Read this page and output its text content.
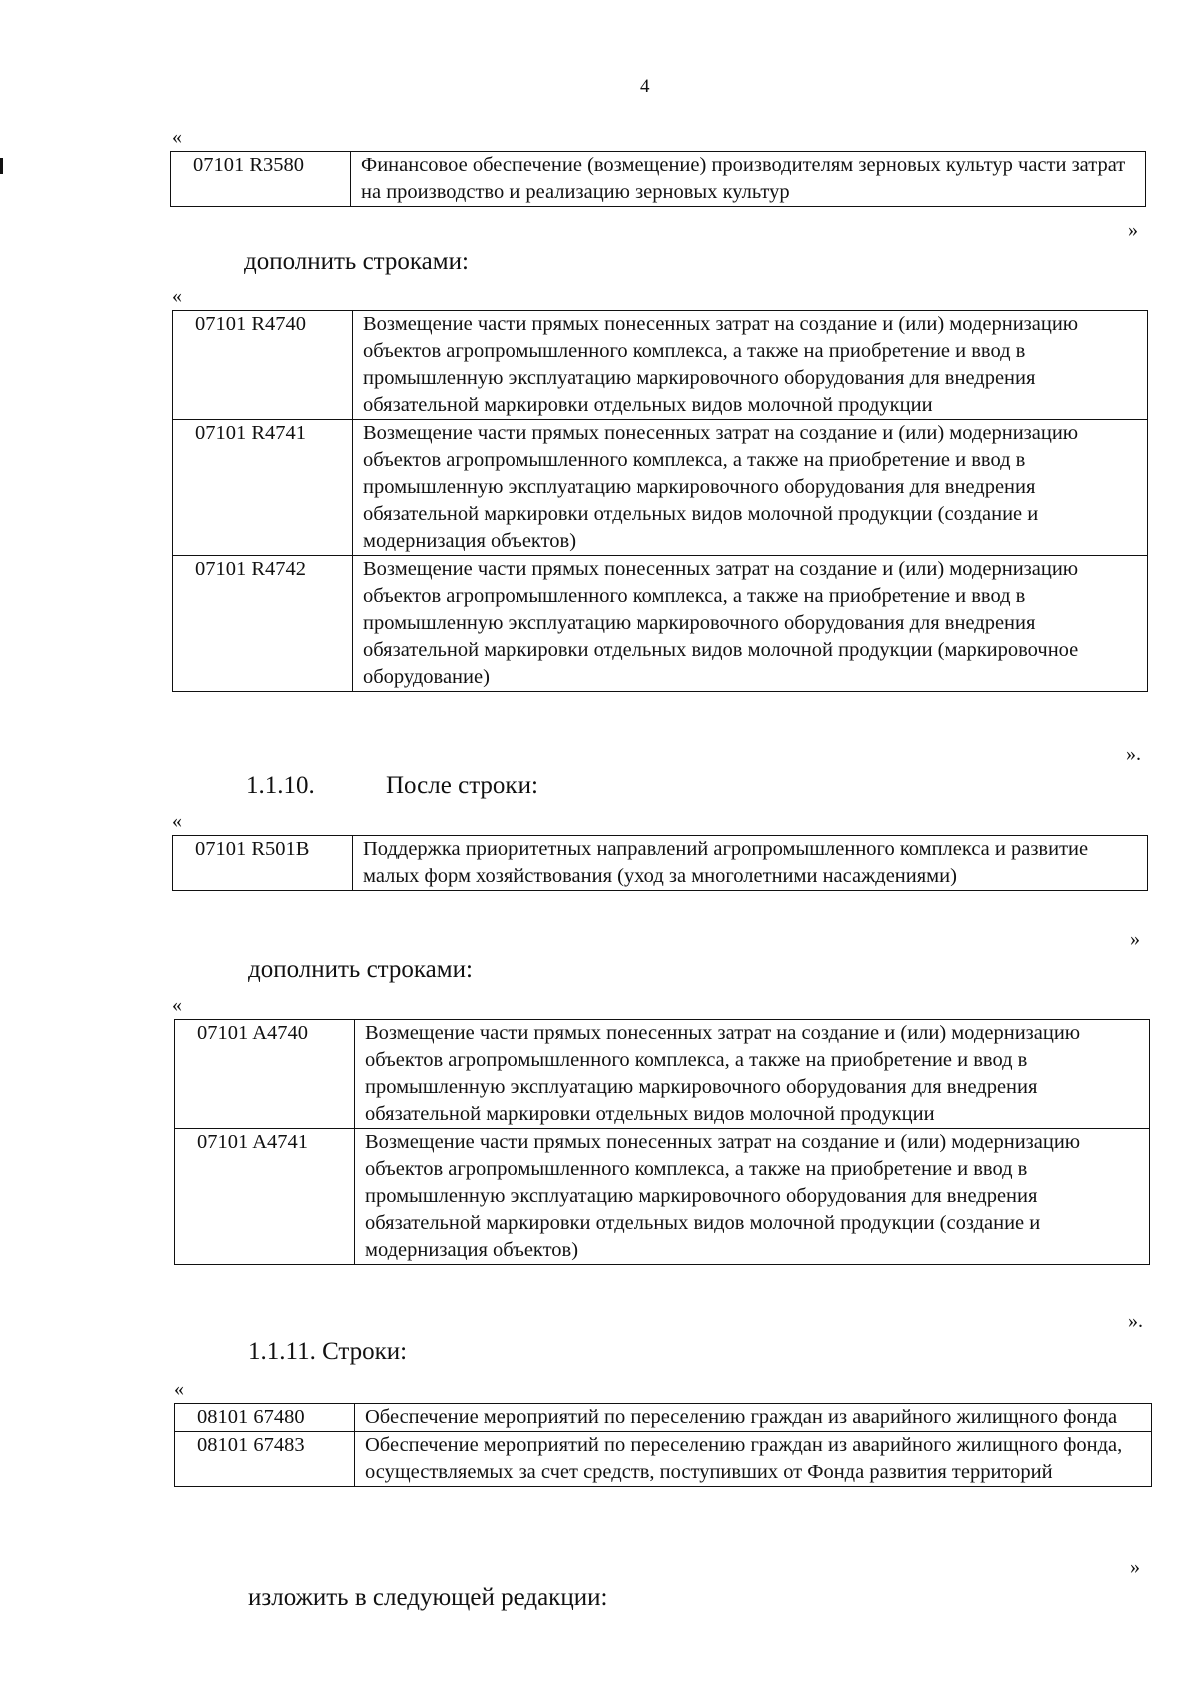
4
«
07101 R3580	Финансовое обеспечение (возмещение) производителям зерновых культур части затрат на производство и реализацию зерновых культур
»
дополнить строками:
«
07101 R4740	Возмещение части прямых понесенных затрат на создание и (или) модернизацию объектов агропромышленного комплекса, а также на приобретение и ввод в промышленную эксплуатацию маркировочного оборудования для внедрения обязательной маркировки отдельных видов молочной продукции
07101 R4741	Возмещение части прямых понесенных затрат на создание и (или) модернизацию объектов агропромышленного комплекса, а также на приобретение и ввод в промышленную эксплуатацию маркировочного оборудования для внедрения обязательной маркировки отдельных видов молочной продукции (создание и модернизация объектов)
07101 R4742	Возмещение части прямых понесенных затрат на создание и (или) модернизацию объектов агропромышленного комплекса, а также на приобретение и ввод в промышленную эксплуатацию маркировочного оборудования для внедрения обязательной маркировки отдельных видов молочной продукции (маркировочное оборудование)
».
1.1.10.	После строки:
«
07101 R501B	Поддержка приоритетных направлений агропромышленного комплекса и развитие малых форм хозяйствования (уход за многолетними насаждениями)
»
дополнить строками:
«
07101 A4740	Возмещение части прямых понесенных затрат на создание и (или) модернизацию объектов агропромышленного комплекса, а также на приобретение и ввод в промышленную эксплуатацию маркировочного оборудования для внедрения обязательной маркировки отдельных видов молочной продукции
07101 A4741	Возмещение части прямых понесенных затрат на создание и (или) модернизацию объектов агропромышленного комплекса, а также на приобретение и ввод в промышленную эксплуатацию маркировочного оборудования для внедрения обязательной маркировки отдельных видов молочной продукции (создание и модернизация объектов)
».
1.1.11. Строки:
«
08101 67480	Обеспечение мероприятий по переселению граждан из аварийного жилищного фонда
08101 67483	Обеспечение мероприятий по переселению граждан из аварийного жилищного фонда, осуществляемых за счет средств, поступивших от Фонда развития территорий
»
изложить в следующей редакции:
